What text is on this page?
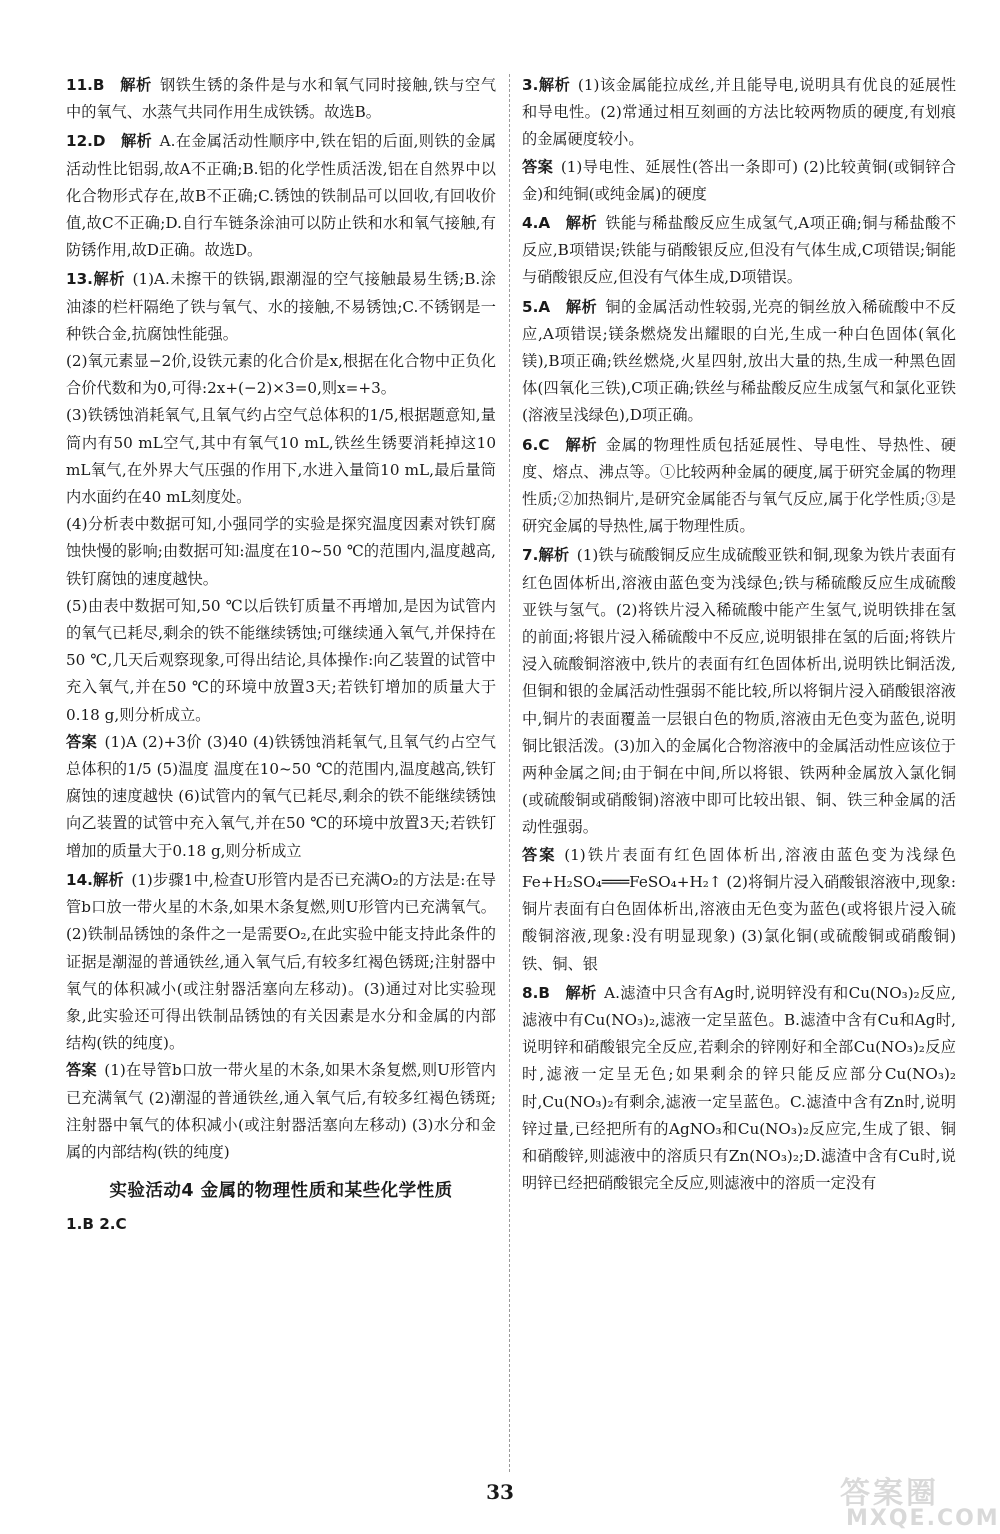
11.B  解析  钢铁生锈的条件是与水和氧气同时接触,铁与空气中的氧气、水蒸气共同作用生成铁锈。故选B。

12.D  解析  A.在金属活动性顺序中,铁在铝的后面,则铁的金属活动性比铝弱,故A不正确;B.铝的化学性质活泼,铝在自然界中以化合物形式存在,故B不正确;C.锈蚀的铁制品可以回收,有回收价值,故C不正确;D.自行车链条涂油可以防止铁和水和氧气接触,有防锈作用,故D正确。故选D。

13.解析  (1)A.未擦干的铁锅,跟潮湿的空气接触最易生锈;B.涂油漆的栏杆隔绝了铁与氧气、水的接触,不易锈蚀;C.不锈钢是一种铁合金,抗腐蚀性能强。

(2)氧元素显−2价,设铁元素的化合价是x,根据在化合物中正负化合价代数和为0,可得:2x+(−2)×3=0,则x=+3。

(3)铁锈蚀消耗氧气,且氧气约占空气总体积的1/5,根据题意知,量筒内有50 mL空气,其中有氧气10 mL,铁丝生锈要消耗掉这10 mL氧气,在外界大气压强的作用下,水进入量筒10 mL,最后量筒内水面约在40 mL刻度处。

(4)分析表中数据可知,小强同学的实验是探究温度因素对铁钉腐蚀快慢的影响;由数据可知:温度在10~50 ℃的范围内,温度越高,铁钉腐蚀的速度越快。

(5)由表中数据可知,50 ℃以后铁钉质量不再增加,是因为试管内的氧气已耗尽,剩余的铁不能继续锈蚀;可继续通入氧气,并保持在50 ℃,几天后观察现象,可得出结论,具体操作:向乙装置的试管中充入氧气,并在50 ℃的环境中放置3天;若铁钉增加的质量大于0.18 g,则分析成立。

答案  (1)A (2)+3价 (3)40 (4)铁锈蚀消耗氧气,且氧气约占空气总体积的1/5 (5)温度 温度在10~50 ℃的范围内,温度越高,铁钉腐蚀的速度越快 (6)试管内的氧气已耗尽,剩余的铁不能继续锈蚀 向乙装置的试管中充入氧气,并在50 ℃的环境中放置3天;若铁钉增加的质量大于0.18 g,则分析成立

14.解析  (1)步骤1中,检查U形管内是否已充满O₂的方法是:在导管b口放一带火星的木条,如果木条复燃,则U形管内已充满氧气。(2)铁制品锈蚀的条件之一是需要O₂,在此实验中能支持此条件的证据是潮湿的普通铁丝,通入氧气后,有较多红褐色锈斑;注射器中氧气的体积减小(或注射器活塞向左移动)。(3)通过对比实验现象,此实验还可得出铁制品锈蚀的有关因素是水分和金属的内部结构(铁的纯度)。

答案  (1)在导管b口放一带火星的木条,如果木条复燃,则U形管内已充满氧气 (2)潮湿的普通铁丝,通入氧气后,有较多红褐色锈斑;注射器中氧气的体积减小(或注射器活塞向左移动) (3)水分和金属的内部结构(铁的纯度)

实验活动4 金属的物理性质和某些化学性质
1.B 2.C

3.解析  (1)该金属能拉成丝,并且能导电,说明具有优良的延展性和导电性。(2)常通过相互刻画的方法比较两物质的硬度,有划痕的金属硬度较小。

答案  (1)导电性、延展性(答出一条即可) (2)比较黄铜(或铜锌合金)和纯铜(或纯金属)的硬度

4.A  解析  铁能与稀盐酸反应生成氢气,A项正确;铜与稀盐酸不反应,B项错误;铁能与硝酸银反应,但没有气体生成,C项错误;铜能与硝酸银反应,但没有气体生成,D项错误。

5.A  解析  铜的金属活动性较弱,光亮的铜丝放入稀硫酸中不反应,A项错误;镁条燃烧发出耀眼的白光,生成一种白色固体(氧化镁),B项正确;铁丝燃烧,火星四射,放出大量的热,生成一种黑色固体(四氧化三铁),C项正确;铁丝与稀盐酸反应生成氢气和氯化亚铁(溶液呈浅绿色),D项正确。

6.C  解析  金属的物理性质包括延展性、导电性、导热性、硬度、熔点、沸点等。①比较两种金属的硬度,属于研究金属的物理性质;②加热铜片,是研究金属能否与氧气反应,属于化学性质;③是研究金属的导热性,属于物理性质。

7.解析  (1)铁与硫酸铜反应生成硫酸亚铁和铜,现象为铁片表面有红色固体析出,溶液由蓝色变为浅绿色;铁与稀硫酸反应生成硫酸亚铁与氢气。(2)将铁片浸入稀硫酸中能产生氢气,说明铁排在氢的前面;将银片浸入稀硫酸中不反应,说明银排在氢的后面;将铁片浸入硫酸铜溶液中,铁片的表面有红色固体析出,说明铁比铜活泼,但铜和银的金属活动性强弱不能比较,所以将铜片浸入硝酸银溶液中,铜片的表面覆盖一层银白色的物质,溶液由无色变为蓝色,说明铜比银活泼。(3)加入的金属化合物溶液中的金属活动性应该位于两种金属之间;由于铜在中间,所以将银、铁两种金属放入氯化铜(或硫酸铜或硝酸铜)溶液中即可比较出银、铜、铁三种金属的活动性强弱。

答案  (1)铁片表面有红色固体析出,溶液由蓝色变为浅绿色 Fe+H₂SO₄═══FeSO₄+H₂↑ (2)将铜片浸入硝酸银溶液中,现象:铜片表面有白色固体析出,溶液由无色变为蓝色(或将银片浸入硫酸铜溶液,现象:没有明显现象) (3)氯化铜(或硫酸铜或硝酸铜) 铁、铜、银

8.B  解析  A.滤渣中只含有Ag时,说明锌没有和Cu(NO₃)₂反应,滤液中有Cu(NO₃)₂,滤液一定呈蓝色。B.滤渣中含有Cu和Ag时,说明锌和硝酸银完全反应,若剩余的锌刚好和全部Cu(NO₃)₂反应时,滤液一定呈无色;如果剩余的锌只能反应部分Cu(NO₃)₂时,Cu(NO₃)₂有剩余,滤液一定呈蓝色。C.滤渣中含有Zn时,说明锌过量,已经把所有的AgNO₃和Cu(NO₃)₂反应完,生成了银、铜和硝酸锌,则滤液中的溶质只有Zn(NO₃)₂;D.滤渣中含有Cu时,说明锌已经把硝酸银完全反应,则滤液中的溶质一定没有

33	答案圈
MXQE.COM
